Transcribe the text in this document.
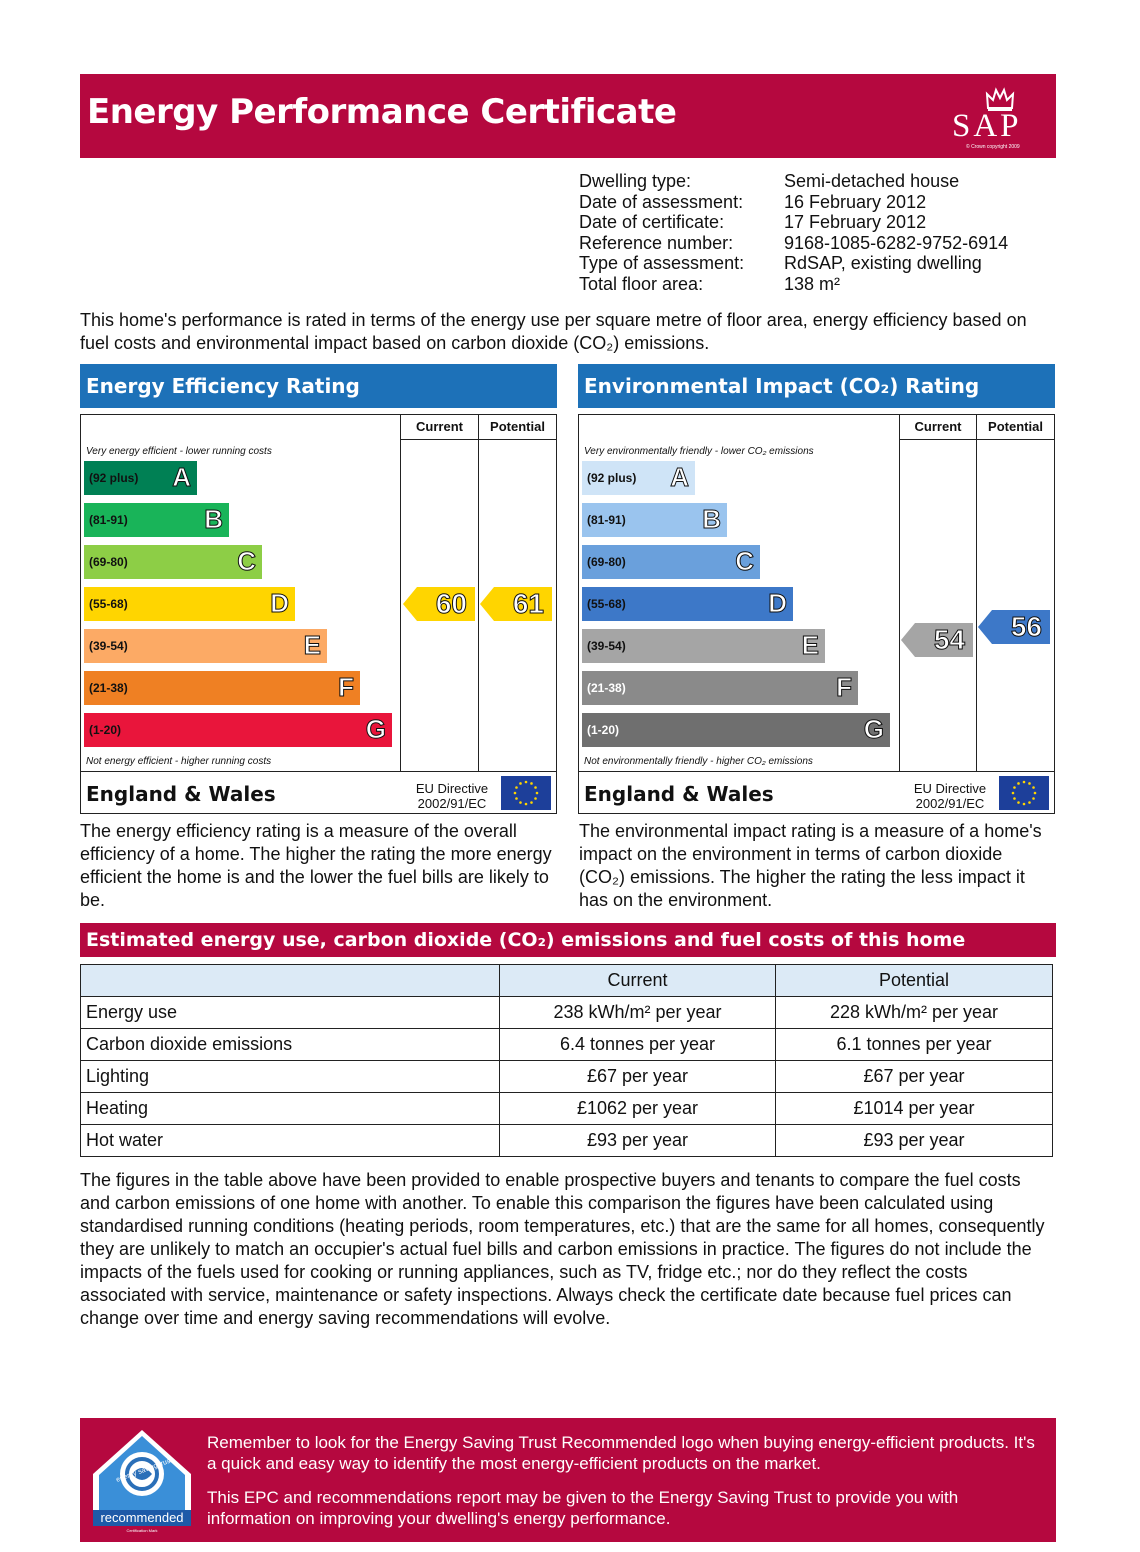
Energy Performance Certificate	SAP
© Crown copyright 2009
Dwelling type:	Semi-detached house
Date of assessment:	16 February 2012
Date of certificate:	17 February 2012
Reference number:	9168-1085-6282-9752-6914
Type of assessment:	RdSAP, existing dwelling
Total floor area:	138 m²
This home's performance is rated in terms of the energy use per square metre of floor area, energy efficiency based on fuel costs and environmental impact based on carbon dioxide (CO₂) emissions.
Energy Efficiency Rating
Current	Potential
Very energy efficient - lower running costs
Not energy efficient - higher running costs
England & Wales	EU Directive
2002/91/EC
(92 plus) A
(81-91)	B
(69-80)	C
(55-68)	D
(39-54)	E
(21-38)	F
(1-20)	G
60 61
Environmental Impact (CO₂) Rating
Current	Potential
Very environmentally friendly - lower CO₂ emissions
Not environmentally friendly - higher CO₂ emissions
England & Wales	EU Directive
2002/91/EC
(92 plus) A
(81-91)	B
(69-80)	C
(55-68)	D
(39-54)	E
(21-38)	F
(1-20)	G
54 56
The energy efficiency rating is a measure of the overall efficiency of a home. The higher the rating the more energy efficient the home is and the lower the fuel bills are likely to be.
The environmental impact rating is a measure of a home's impact on the environment in terms of carbon dioxide (CO₂) emissions. The higher the rating the less impact it has on the environment.
Estimated energy use, carbon dioxide (CO₂) emissions and fuel costs of this home
	Current	Potential
Energy use	238 kWh/m² per year	228 kWh/m² per year
Carbon dioxide emissions	6.4 tonnes per year	6.1 tonnes per year
Lighting	£67 per year	£67 per year
Heating	£1062 per year	£1014 per year
Hot water	£93 per year	£93 per year
The figures in the table above have been provided to enable prospective buyers and tenants to compare the fuel costs and carbon emissions of one home with another. To enable this comparison the figures have been calculated using standardised running conditions (heating periods, room temperatures, etc.) that are the same for all homes, consequently they are unlikely to match an occupier's actual fuel bills and carbon emissions in practice. The figures do not include the impacts of the fuels used for cooking or running appliances, such as TV, fridge etc.; nor do they reflect the costs associated with service, maintenance or safety inspections. Always check the certificate date because fuel prices can change over time and energy saving recommendations will evolve.
energy saving trust
recommended
Certification Mark
Remember to look for the Energy Saving Trust Recommended logo when buying energy-efficient products. It's a quick and easy way to identify the most energy-efficient products on the market.
This EPC and recommendations report may be given to the Energy Saving Trust to provide you with information on improving your dwelling's energy performance.
